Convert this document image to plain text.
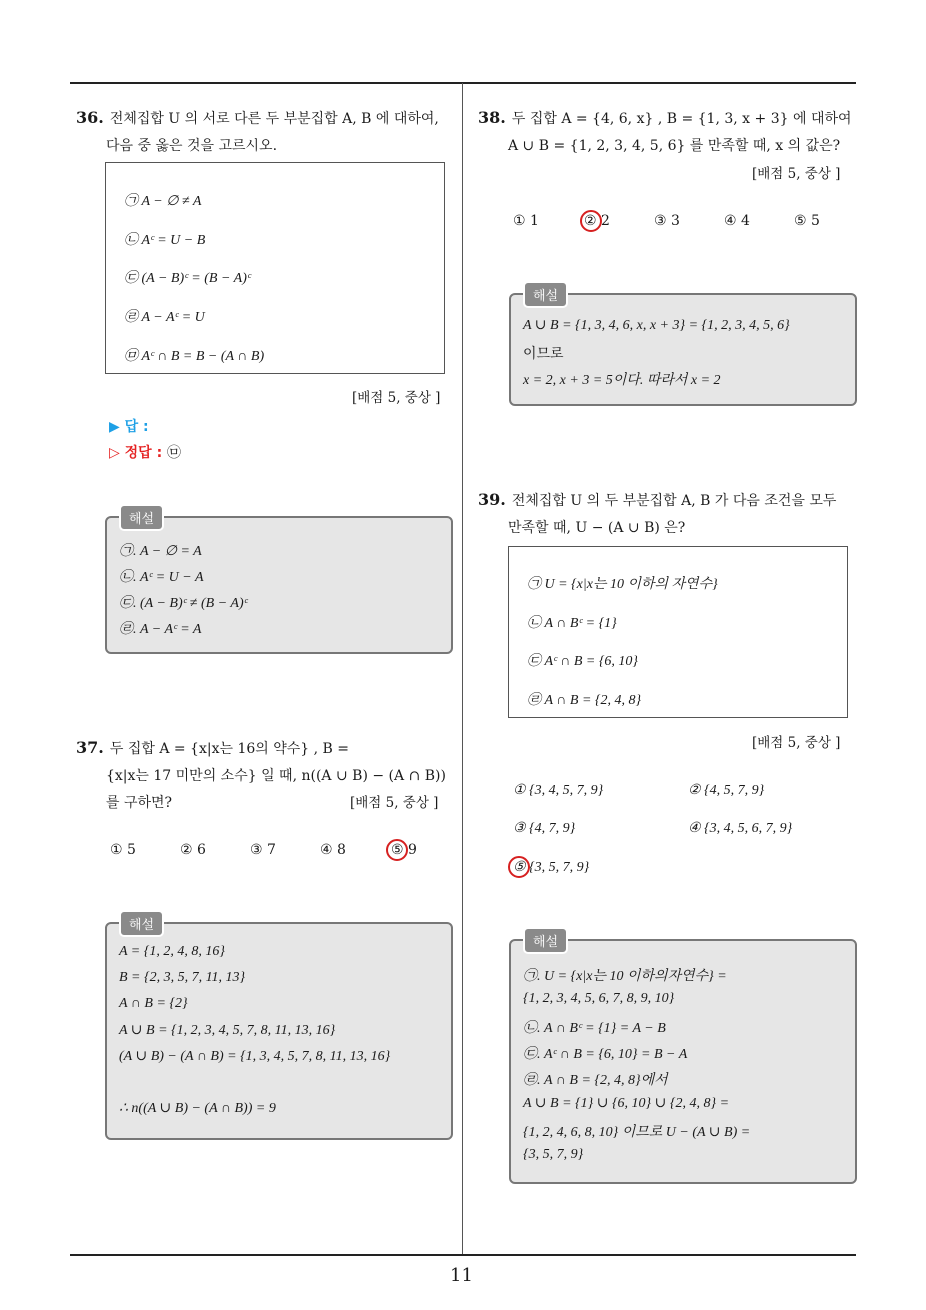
11
36. 전체집합 U 의 서로 다른 두 부분집합 A, B 에 대하여,
다음 중 옳은 것을 고르시오.
㉠ A − ∅ ≠ A
㉡ Aᶜ = U − B
㉢ (A − B)ᶜ = (B − A)ᶜ
㉣ A − Aᶜ = U
㉤ Aᶜ ∩ B = B − (A ∩ B)
[배점 5, 중상 ]
▶ 답 :
▷ 정답 : ㉤
해설
㉠. A − ∅ = A
㉡. Aᶜ = U − A
㉢. (A − B)ᶜ ≠ (B − A)ᶜ
㉣. A − Aᶜ = A
37. 두 집합 A = {x|x는 16의 약수} , B =
{x|x는 17 미만의 소수} 일 때, n((A ∪ B) − (A ∩ B))
를 구하면?	[배점 5, 중상 ]
① 5	② 6	③ 7	④ 8	⑤ 9
해설
A = {1, 2, 4, 8, 16}
B = {2, 3, 5, 7, 11, 13}
A ∩ B = {2}
A ∪ B = {1, 2, 3, 4, 5, 7, 8, 11, 13, 16}
(A ∪ B) − (A ∩ B) = {1, 3, 4, 5, 7, 8, 11, 13, 16}
∴ n((A ∪ B) − (A ∩ B)) = 9
38. 두 집합 A = {4, 6, x} , B = {1, 3, x + 3} 에 대하여
A ∪ B = {1, 2, 3, 4, 5, 6} 를 만족할 때, x 의 값은?
[배점 5, 중상 ]
① 1	② 2	③ 3	④ 4	⑤ 5
해설
A ∪ B = {1, 3, 4, 6, x, x + 3} = {1, 2, 3, 4, 5, 6}
이므로
x = 2, x + 3 = 5이다. 따라서 x = 2
39. 전체집합 U 의 두 부분집합 A, B 가 다음 조건을 모두
만족할 때, U − (A ∪ B) 은?
㉠ U = {x|x는 10 이하의 자연수}
㉡ A ∩ Bᶜ = {1}
㉢ Aᶜ ∩ B = {6, 10}
㉣ A ∩ B = {2, 4, 8}
[배점 5, 중상 ]
① {3, 4, 5, 7, 9}	② {4, 5, 7, 9}
③ {4, 7, 9}	④ {3, 4, 5, 6, 7, 9}
⑤ {3, 5, 7, 9}
해설
㉠. U = {x|x는 10 이하의자연수} =
{1, 2, 3, 4, 5, 6, 7, 8, 9, 10}
㉡. A ∩ Bᶜ = {1} = A − B
㉢. Aᶜ ∩ B = {6, 10} = B − A
㉣. A ∩ B = {2, 4, 8}에서
A ∪ B = {1} ∪ {6, 10} ∪ {2, 4, 8} =
{1, 2, 4, 6, 8, 10} 이므로 U − (A ∪ B) =
{3, 5, 7, 9}
